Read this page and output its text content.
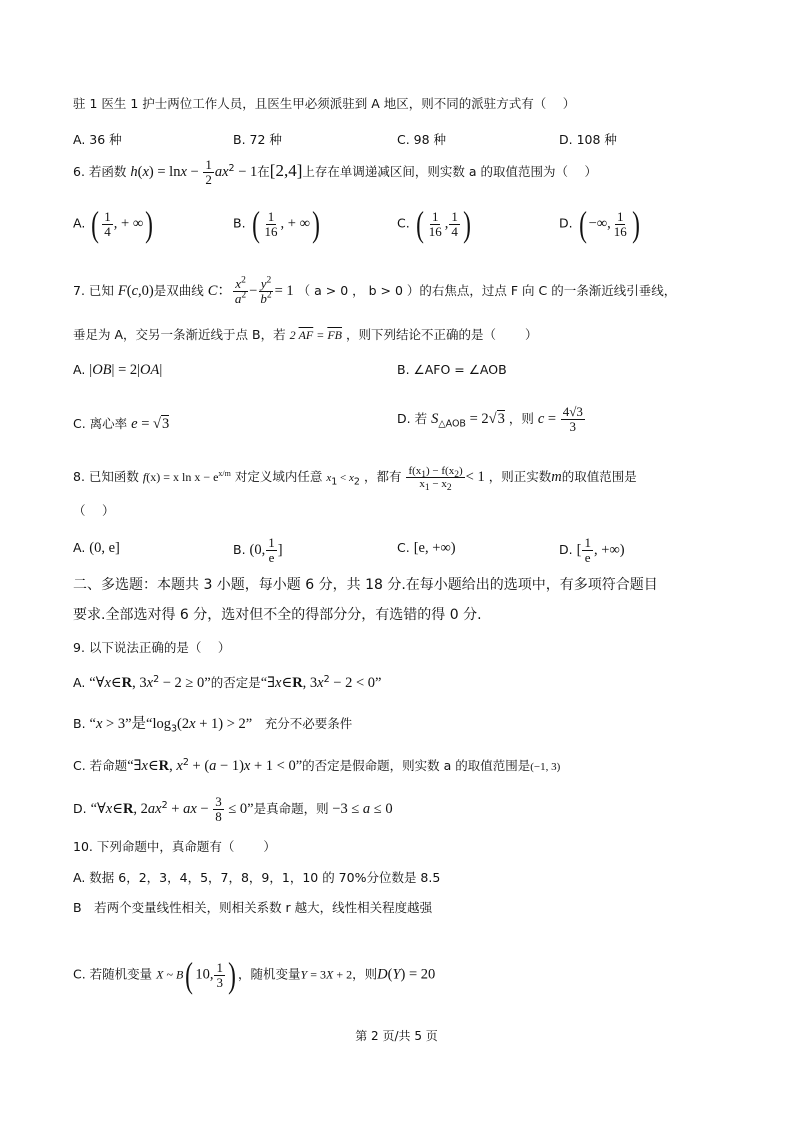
驻 1 医生 1 护士两位工作人员，且医生甲必须派驻到 A 地区，则不同的派驻方式有（　 ）
A. 36 种	B. 72 种	C. 98 种	D. 108 种
6. 若函数 $h(x) = \ln x - \frac{1}{2} ax^2 - 1$在[2,4]上存在单调递减区间，则实数 a 的取值范围为（　 ）
A. ( $\frac{1}{4}$ , + ∞)	B. ( $\frac{1}{16}$ , + ∞)	C. ( $\frac{1}{16}$ , $\frac{1}{4}$ )	D. ( −∞, $\frac{1}{16}$ )
7. 已知 F(c,0)是双曲线 C： $\frac{x^2}{a^2} - \frac{y^2}{b^2} = 1$ （ a > 0 ， b > 0 ）的右焦点，过点 F 向 C 的一条渐近线引垂线，
垂足为 A，交另一条渐近线于点 B，若 2 $\overline{AF} = \overline{FB}$ ，则下列结论不正确的是（　　 ）
A. |OB| = 2|OA|	B. ∠AFO = ∠AOB
C. 离心率 e = √3	D. 若 $S_{\triangle AOB} = 2√3$ ，则 $c = \frac{4√3}{3}$
8. 已知函数 f(x) = x $\ln x - e^{x/m}$ 对定义域内任意 $x_1 < x_2$ ，都有 $\frac{f(x_1) - f(x_2)}{x_1 - x_2} < 1$ ，则正实数m的取值范围是
（　 ）
A. (0, e]	B. (0, $\frac{1}{e}$ ]	C. [e, +∞)	D. [ $\frac{1}{e}$ , +∞)
二、多选题：本题共 3 小题，每小题 6 分，共 18 分.在每小题给出的选项中，有多项符合题目
要求.全部选对得 6 分，选对但不全的得部分分，有选错的得 0 分.
9. 以下说法正确的是（　 ）
A. “∀x∈R, $3x^2 - 2 \ge 0$”的否定是“∃x∈R, $3x^2 - 2 < 0$”
B. “x > 3”是“$\log_3(2x + 1) > 2$”　 充分不必要条件
C. 若命题“∃x∈R, $x^2 + (a - 1)x + 1 < 0$”的否定是假命题，则实数 a 的取值范围是(−1, 3)
D. “∀x∈R, $2ax^2$ + ax − $\frac{3}{8} \le 0$”是真命题，则 −3 ≤ a ≤ 0
10. 下列命题中，真命题有（　　 ）
A. 数据 6，2，3，4，5，7，8，9，1，10 的 70%分位数是 8.5
B　若两个变量线性相关，则相关系数 r 越大，线性相关程度越强
C. 若随机变量 X ~ B( 10, $\frac{1}{3}$ ) ，随机变量Y = 3X + 2，则D(Y) = 20
第 2 页/共 5 页
